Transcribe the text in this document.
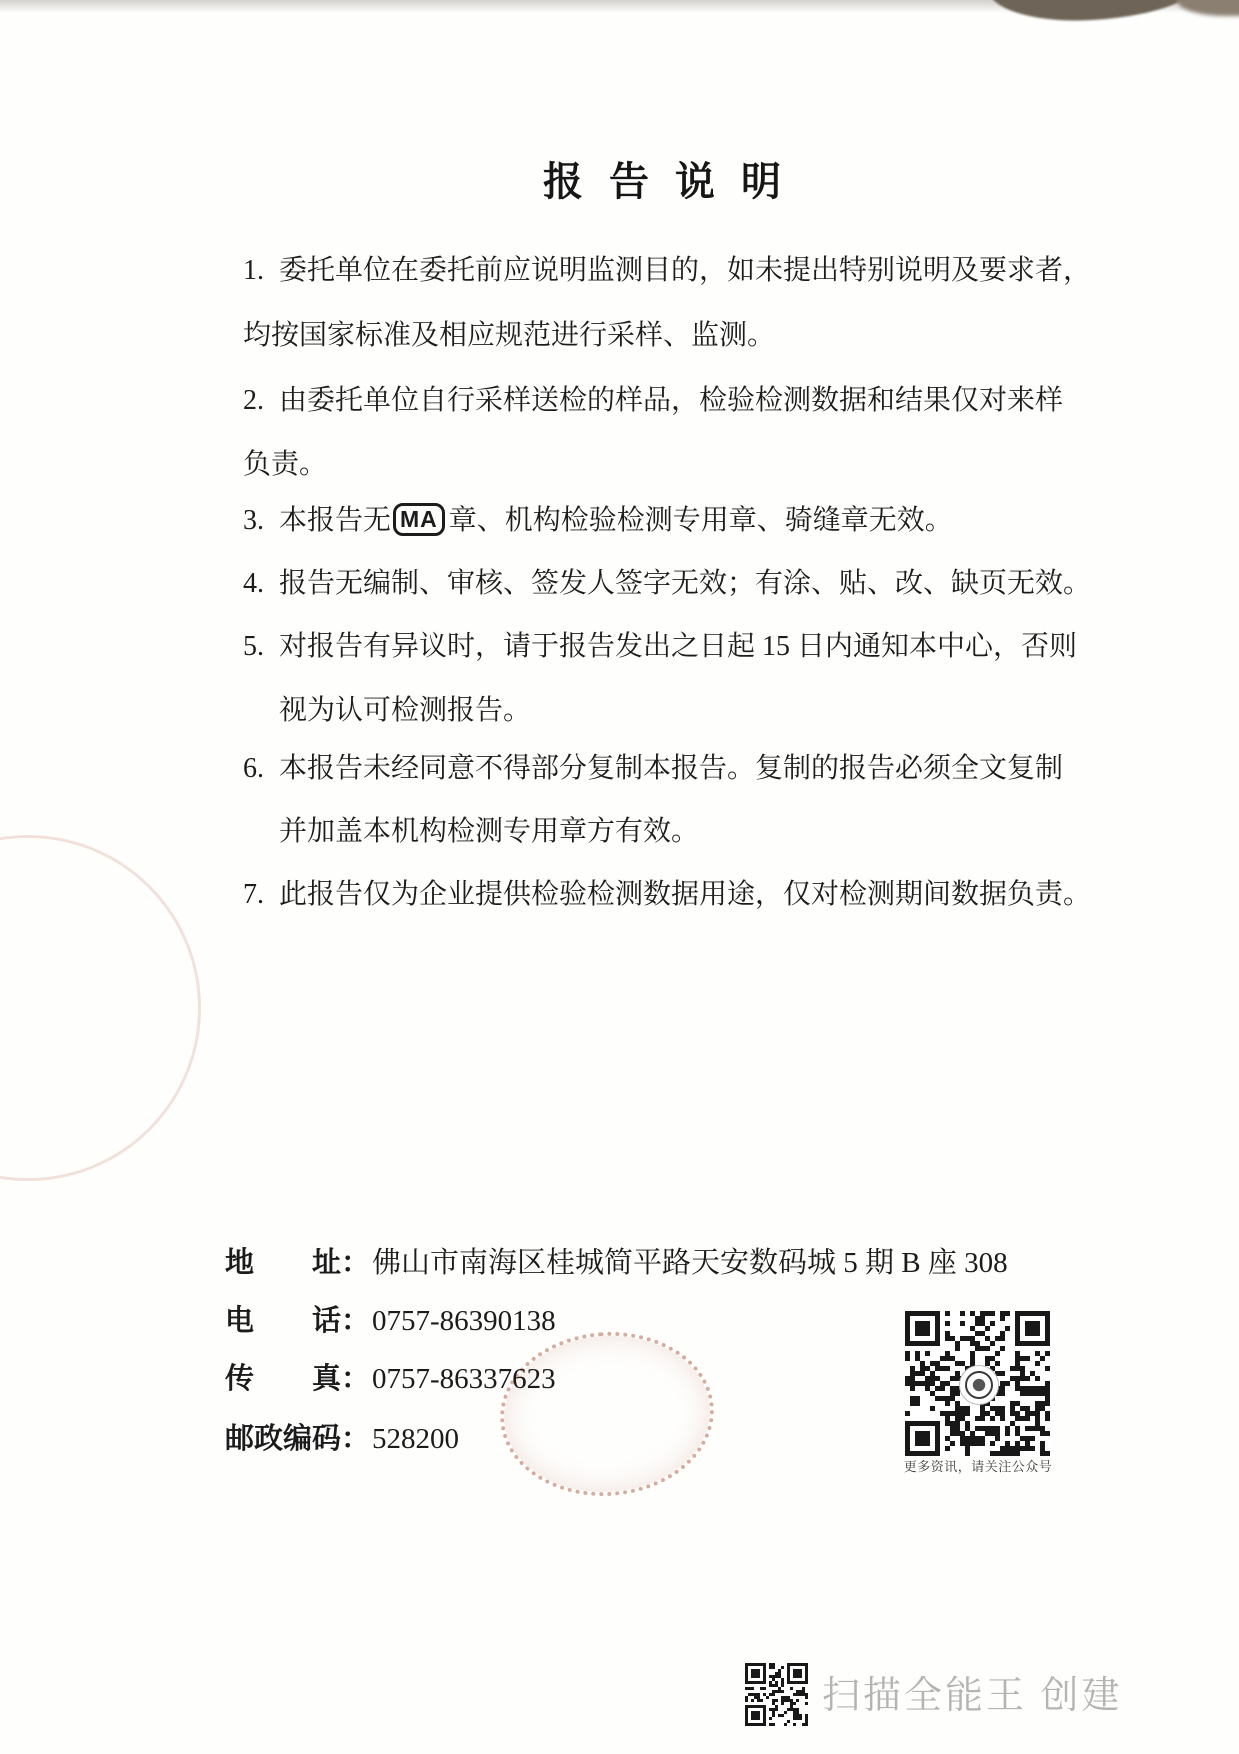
报告说明
1. 委托单位在委托前应说明监测目的，如未提出特别说明及要求者，
均按国家标准及相应规范进行采样、监测。
2. 由委托单位自行采样送检的样品，检验检测数据和结果仅对来样
负责。
3. 本报告无 MA 章、机构检验检测专用章、骑缝章无效。
4. 报告无编制、审核、签发人签字无效；有涂、贴、改、缺页无效。
5. 对报告有异议时，请于报告发出之日起 15 日内通知本中心，否则
视为认可检测报告。
6. 本报告未经同意不得部分复制本报告。复制的报告必须全文复制
并加盖本机构检测专用章方有效。
7. 此报告仅为企业提供检验检测数据用途，仅对检测期间数据负责。
地　　址：佛山市南海区桂城简平路天安数码城 5 期 B 座 308
电　　话：0757-86390138
传　　真：0757-86337623
邮政编码：528200
更多资讯，请关注公众号
扫描全能王 创建
